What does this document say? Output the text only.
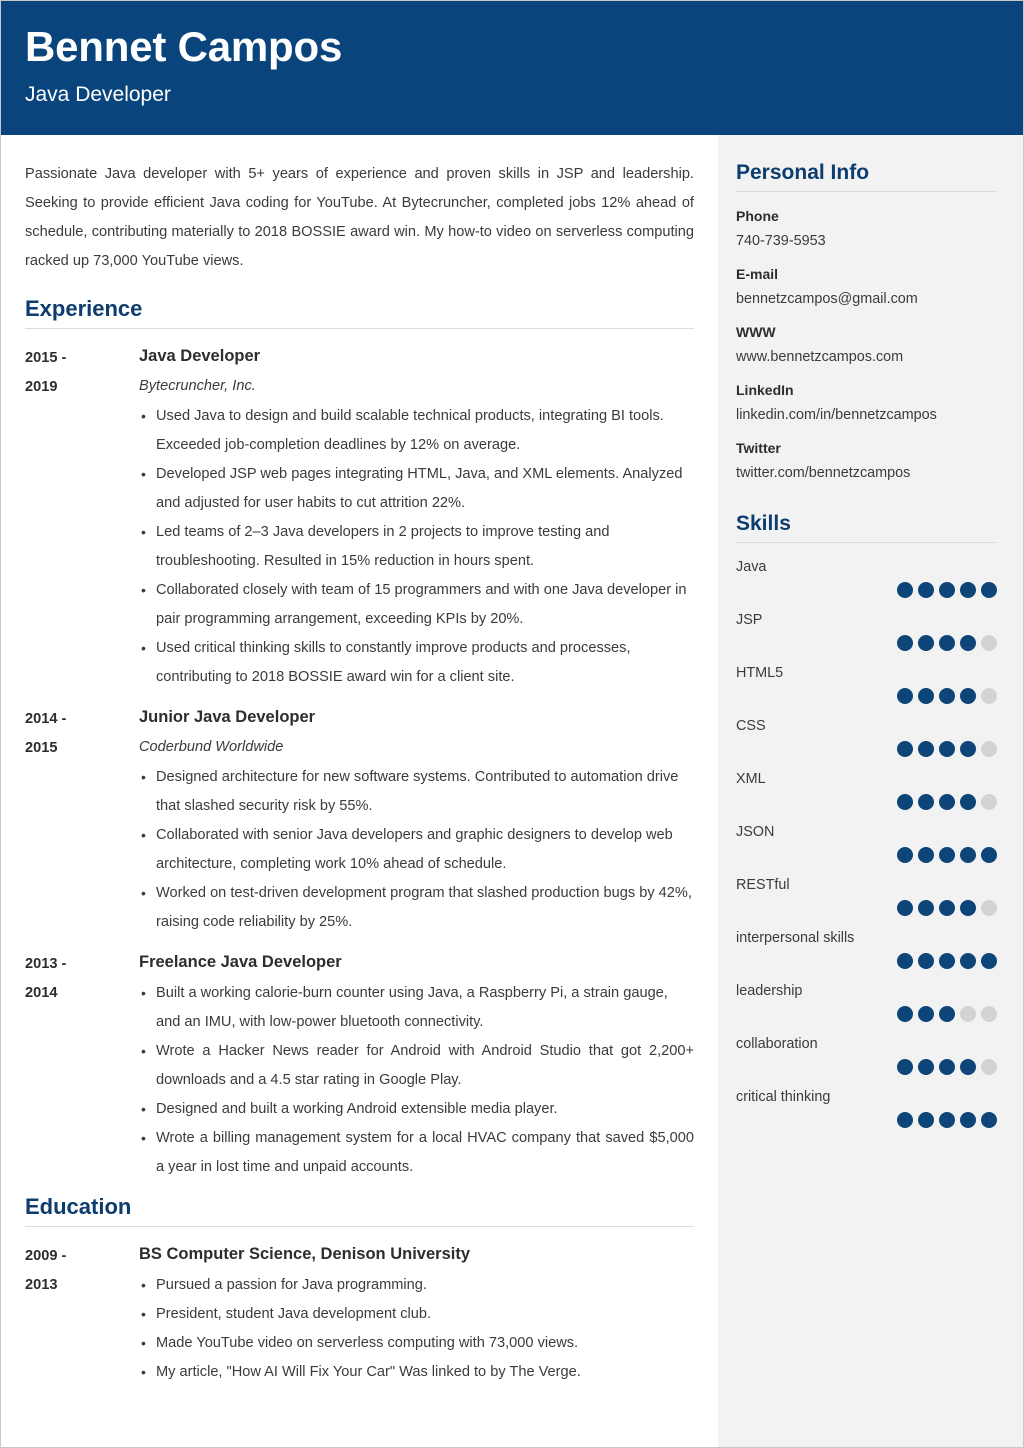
Bennet Campos
Java Developer
Passionate Java developer with 5+ years of experience and proven skills in JSP and leadership. Seeking to provide efficient Java coding for YouTube. At Bytecruncher, completed jobs 12% ahead of schedule, contributing materially to 2018 BOSSIE award win. My how-to video on serverless computing racked up 73,000 YouTube views.
Experience
2015 -
2019
Java Developer
Bytecruncher, Inc.
• Used Java to design and build scalable technical products, integrating BI tools. Exceeded job-completion deadlines by 12% on average.
• Developed JSP web pages integrating HTML, Java, and XML elements. Analyzed and adjusted for user habits to cut attrition 22%.
• Led teams of 2–3 Java developers in 2 projects to improve testing and troubleshooting. Resulted in 15% reduction in hours spent.
• Collaborated closely with team of 15 programmers and with one Java developer in pair programming arrangement, exceeding KPIs by 20%.
• Used critical thinking skills to constantly improve products and processes, contributing to 2018 BOSSIE award win for a client site.
2014 -
2015
Junior Java Developer
Coderbund Worldwide
• Designed architecture for new software systems. Contributed to automation drive that slashed security risk by 55%.
• Collaborated with senior Java developers and graphic designers to develop web architecture, completing work 10% ahead of schedule.
• Worked on test-driven development program that slashed production bugs by 42%, raising code reliability by 25%.
2013 -
2014
Freelance Java Developer
• Built a working calorie-burn counter using Java, a Raspberry Pi, a strain gauge, and an IMU, with low-power bluetooth connectivity.
• Wrote a Hacker News reader for Android with Android Studio that got 2,200+ downloads and a 4.5 star rating in Google Play.
• Designed and built a working Android extensible media player.
• Wrote a billing management system for a local HVAC company that saved $5,000 a year in lost time and unpaid accounts.
Education
2009 -
2013
BS Computer Science, Denison University
• Pursued a passion for Java programming.
• President, student Java development club.
• Made YouTube video on serverless computing with 73,000 views.
• My article, "How AI Will Fix Your Car" Was linked to by The Verge.
Personal Info
Phone
740-739-5953
E-mail
bennetzcampos@gmail.com
WWW
www.bennetzcampos.com
LinkedIn
linkedin.com/in/bennetzcampos
Twitter
twitter.com/bennetzcampos
Skills
Java
JSP
HTML5
CSS
XML
JSON
RESTful
interpersonal skills
leadership
collaboration
critical thinking
